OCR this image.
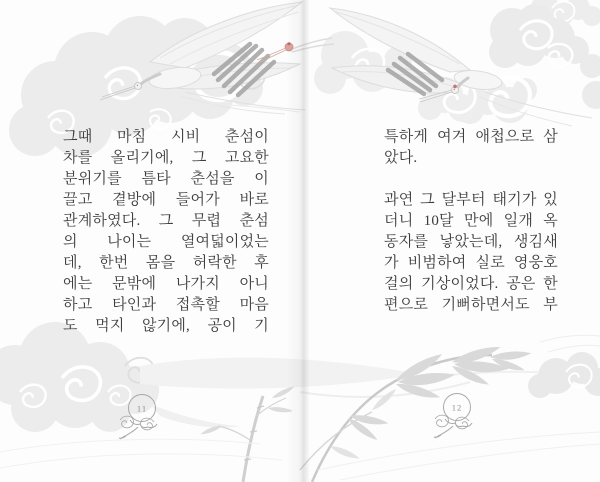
그때 마침 시비 춘섬이
차를 올리기에, 그 고요한
분위기를 틈타 춘섬을 이
끌고 곁방에 들어가 바로
관계하였다. 그 무렵 춘섬
의 나이는 열여덟이었는
데, 한번 몸을 허락한 후
에는 문밖에 나가지 아니
하고 타인과 접촉할 마음
도 먹지 않기에, 공이 기
11
특하게 여겨 애첩으로 삼
았다.
과연 그 달부터 태기가 있
더니 10달 만에 일개 옥
동자를 낳았는데, 생김새
가 비범하여 실로 영웅호
걸의 기상이었다. 공은 한
편으로 기뻐하면서도 부
12
